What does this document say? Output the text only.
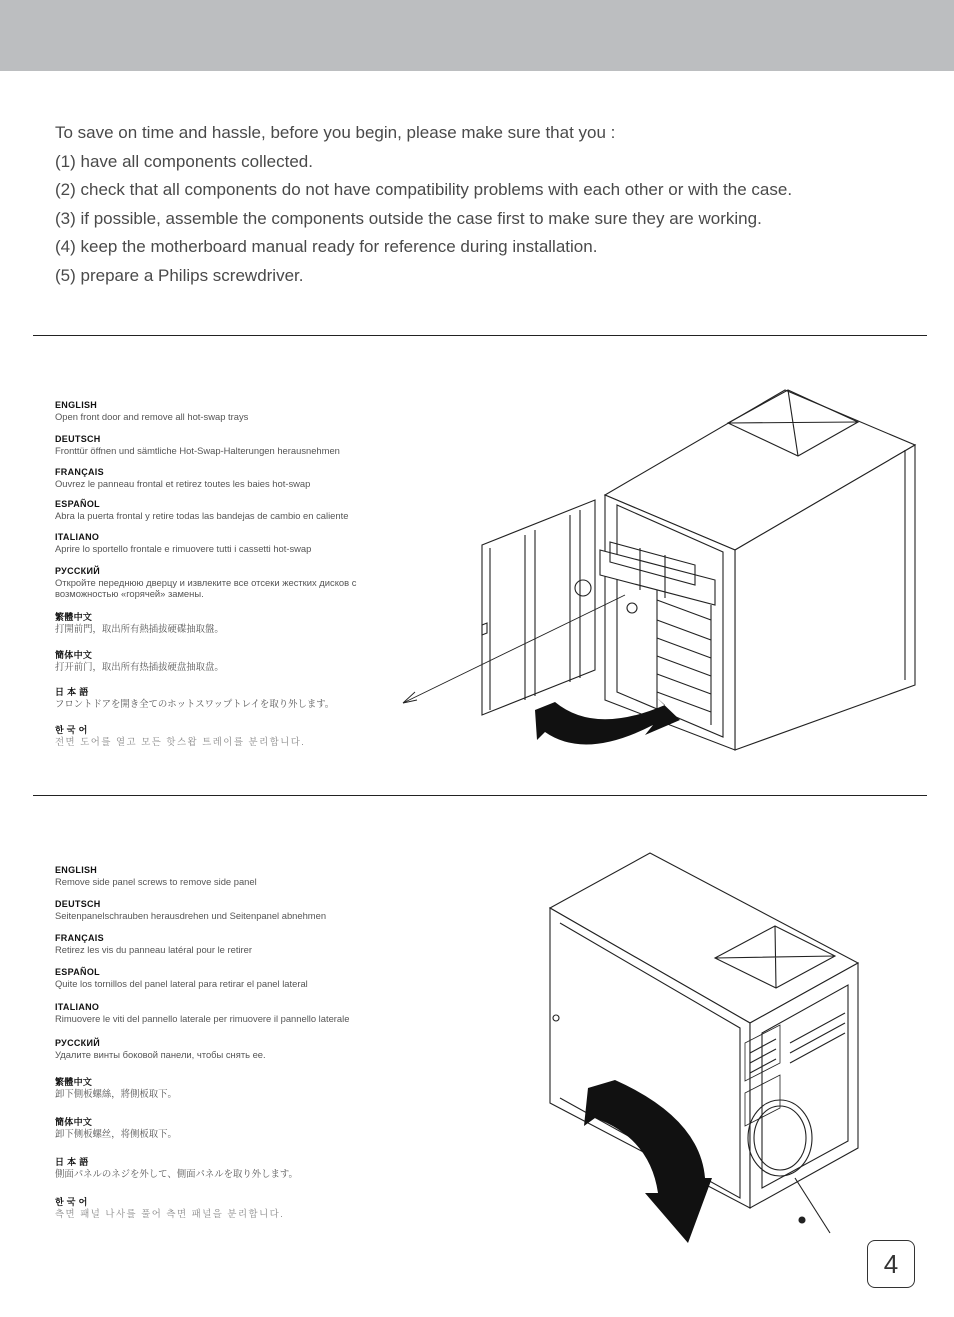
To save on time and hassle, before you begin, please make sure that you :

(1) have all components collected.

(2) check that all components do not have compatibility problems with each other or with the case.

(3) if possible, assemble the components outside the case first to make sure they are working.

(4) keep the motherboard manual ready for reference during installation.

(5) prepare a Philips screwdriver.

ENGLISH
Open front door and remove all hot-swap trays
DEUTSCH
Fronttür öffnen und sämtliche Hot-Swap-Halterungen herausnehmen
FRANÇAIS
Ouvrez le panneau frontal et retirez toutes les baies hot-swap
ESPAÑOL
Abra la puerta frontal y retire todas las bandejas de cambio en caliente
ITALIANO
Aprire lo sportello frontale e rimuovere tutti i cassetti hot-swap
РУССКИЙ
Откройте переднюю дверцу и извлеките все отсеки жестких дисков с возможностью «горячей» замены.
繁體中文
打開前門，取出所有熱插拔硬碟抽取盤。
簡体中文
打开前门，取出所有热插拔硬盘抽取盘。
日 本 語
フロントドアを開き全てのホットスワップトレイを取り外します。
한 국 어
전면 도어를 열고 모든 핫스왑 트레이를 분리합니다.
ENGLISH
Remove side panel screws to remove side panel
DEUTSCH
Seitenpanelschrauben herausdrehen und Seitenpanel abnehmen
FRANÇAIS
Retirez les vis du panneau latéral pour le retirer
ESPAÑOL
Quite los tornillos del panel lateral para retirar el panel lateral
ITALIANO
Rimuovere le viti del pannello laterale per rimuovere il pannello laterale
РУССКИЙ
Удалите винты боковой панели, чтобы снять ее.
繁體中文
卸下側板螺絲，將側板取下。
簡体中文
卸下侧板螺丝，将侧板取下。
日 本 語
側面パネルのネジを外して、側面パネルを取り外します。
한 국 어
측면 패널 나사를 풀어 측면 패널을 분리합니다.
4
